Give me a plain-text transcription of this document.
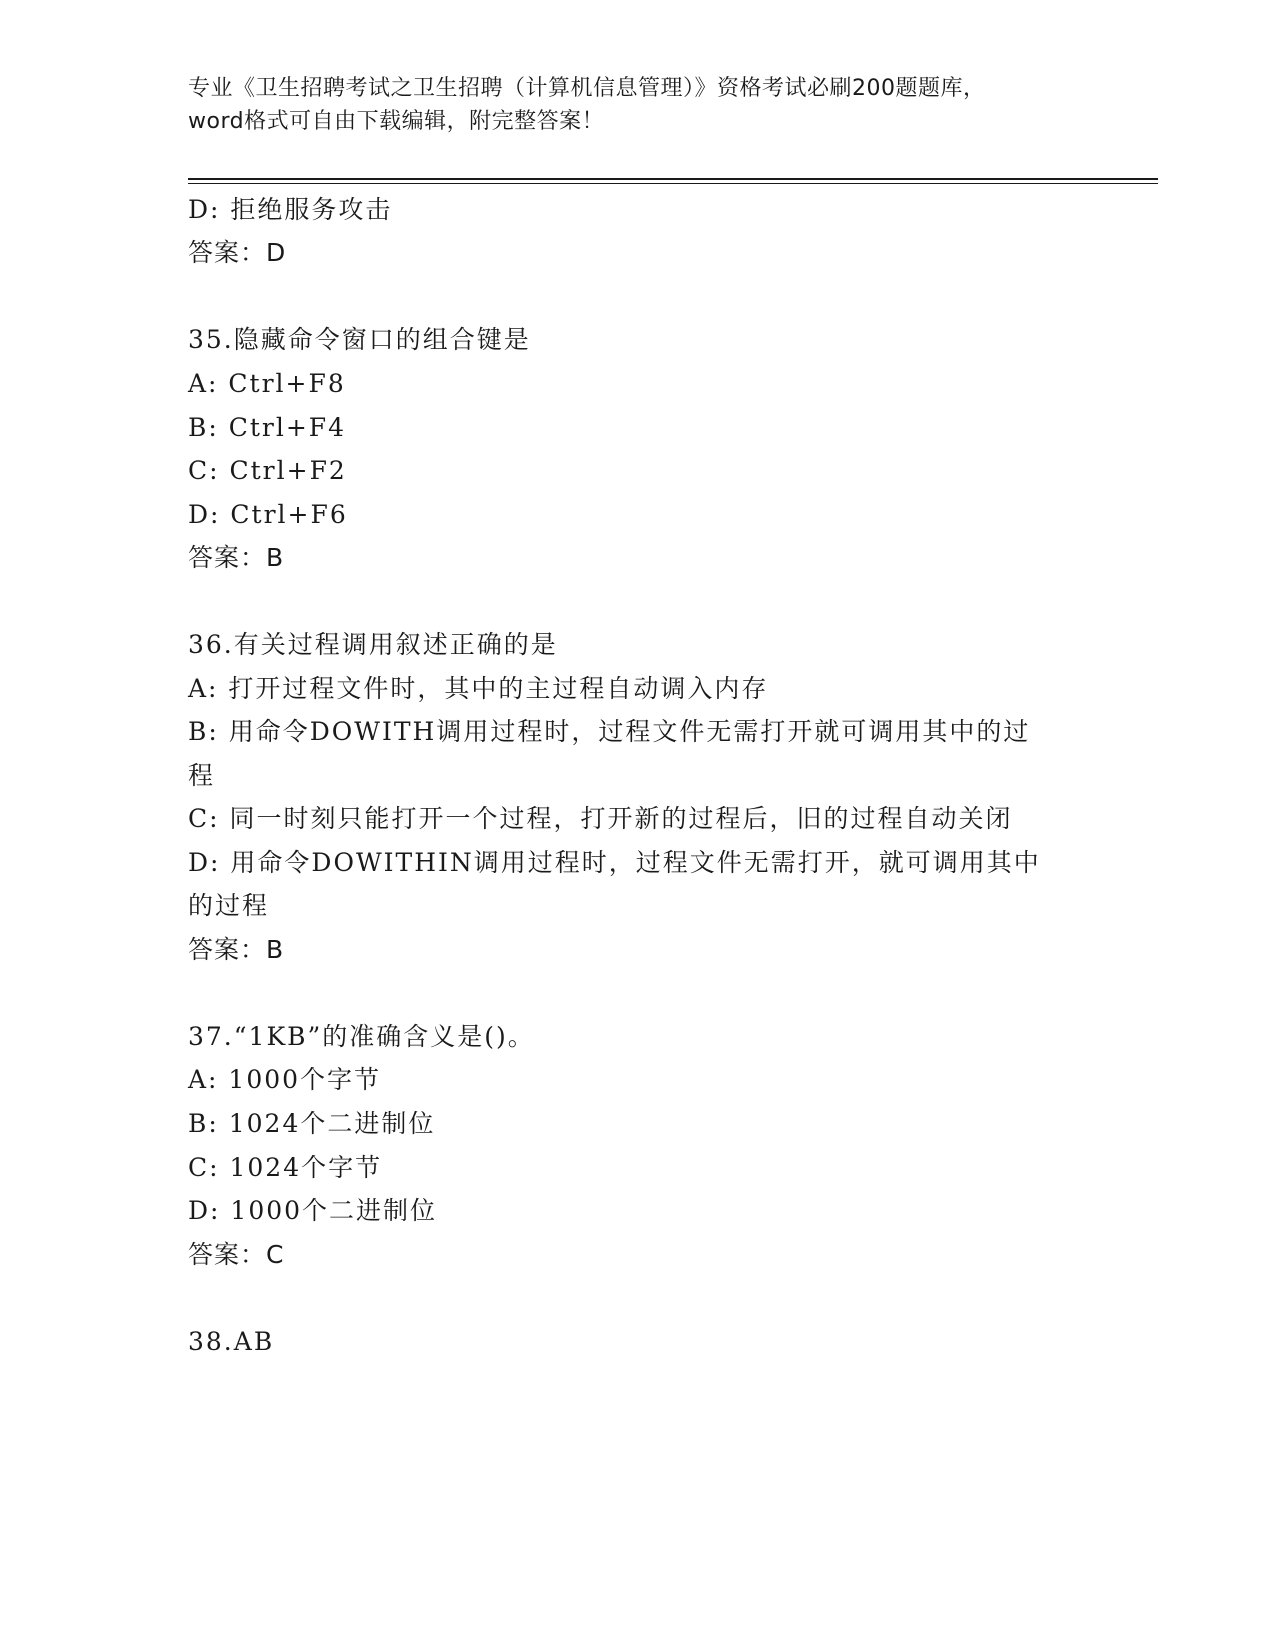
专业《卫生招聘考试之卫生招聘（计算机信息管理）》资格考试必刷200题题库，
word格式可自由下载编辑，附完整答案！
D: 拒绝服务攻击
答案：D
35.隐藏命令窗口的组合键是
A: Ctrl+F8
B: Ctrl+F4
C: Ctrl+F2
D: Ctrl+F6
答案：B
36.有关过程调用叙述正确的是
A: 打开过程文件时，其中的主过程自动调入内存
B: 用命令DOWITH调用过程时，过程文件无需打开就可调用其中的过
程
C: 同一时刻只能打开一个过程，打开新的过程后，旧的过程自动关闭
D: 用命令DOWITHIN调用过程时，过程文件无需打开，就可调用其中
的过程
答案：B
37.“1KB”的准确含义是()。
A: 1000个字节
B: 1024个二进制位
C: 1024个字节
D: 1000个二进制位
答案：C
38.AB
